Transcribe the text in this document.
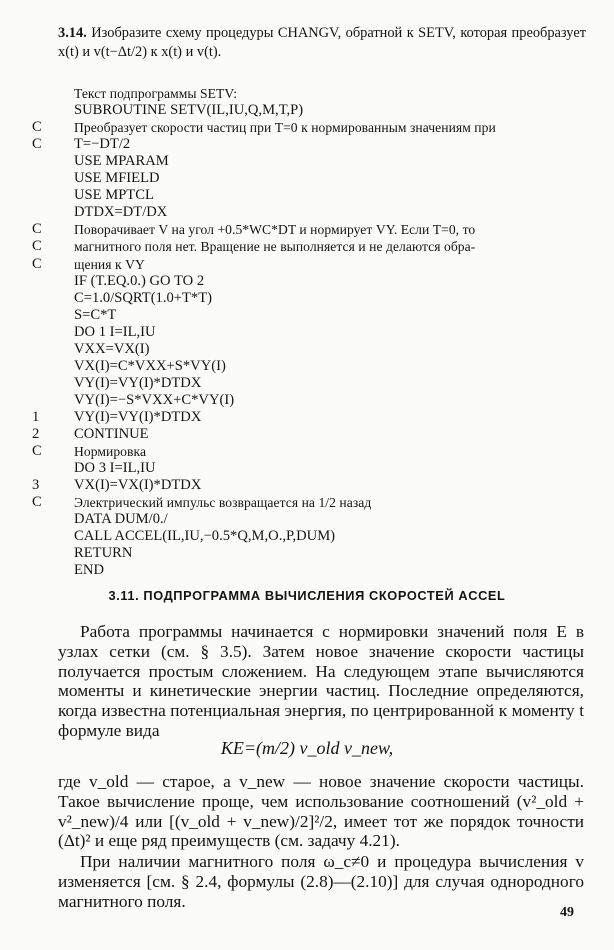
3.14. Изобразите схему процедуры CHANGV, обратной к SETV, которая преобразует x(t) и v(t−Δt/2) к x(t) и v(t).
Текст подпрограммы SETV:
SUBROUTINE SETV(IL,IU,Q,M,T,P)
C	Преобразует скорости частиц при T=0 к нормированным значениям при
C	T=−DT/2
USE MPARAM
USE MFIELD
USE MPTCL
DTDX=DT/DX
C	Поворачивает V на угол +0.5*WC*DT и нормирует VY. Если T=0, то
C	магнитного поля нет. Вращение не выполняется и не делаются обра-
C	щения к VY
IF (T.EQ.0.) GO TO 2
C=1.0/SQRT(1.0+T*T)
S=C*T
DO 1 I=IL,IU
VXX=VX(I)
VX(I)=C*VXX+S*VY(I)
VY(I)=VY(I)*DTDX
VY(I)=−S*VXX+C*VY(I)
1	VY(I)=VY(I)*DTDX
2	CONTINUE
C	Нормировка
DO 3 I=IL,IU
3	VX(I)=VX(I)*DTDX
C	Электрический импульс возвращается на 1/2 назад
DATA DUM/0./
CALL ACCEL(IL,IU,−0.5*Q,M,O.,P,DUM)
RETURN
END
3.11. ПОДПРОГРАММА ВЫЧИСЛЕНИЯ СКОРОСТЕЙ ACCEL
Работа программы начинается с нормировки значений поля E в узлах сетки (см. § 3.5). Затем новое значение скорости частицы получается простым сложением. На следующем этапе вычисляются моменты и кинетические энергии частиц. Последние определяются, когда известна потенциальная энергия, по центрированной к моменту t формуле вида
KE=(m/2) v_old v_new,
где v_old — старое, а v_new — новое значение скорости частицы. Такое вычисление проще, чем использование соотношений (v²_old + v²_new)/4 или [(v_old + v_new)/2]²/2, имеет тот же порядок точности (Δt)² и еще ряд преимуществ (см. задачу 4.21).
При наличии магнитного поля ω_c≠0 и процедура вычисления v изменяется [см. § 2.4, формулы (2.8)—(2.10)] для случая однородного магнитного поля.
49
